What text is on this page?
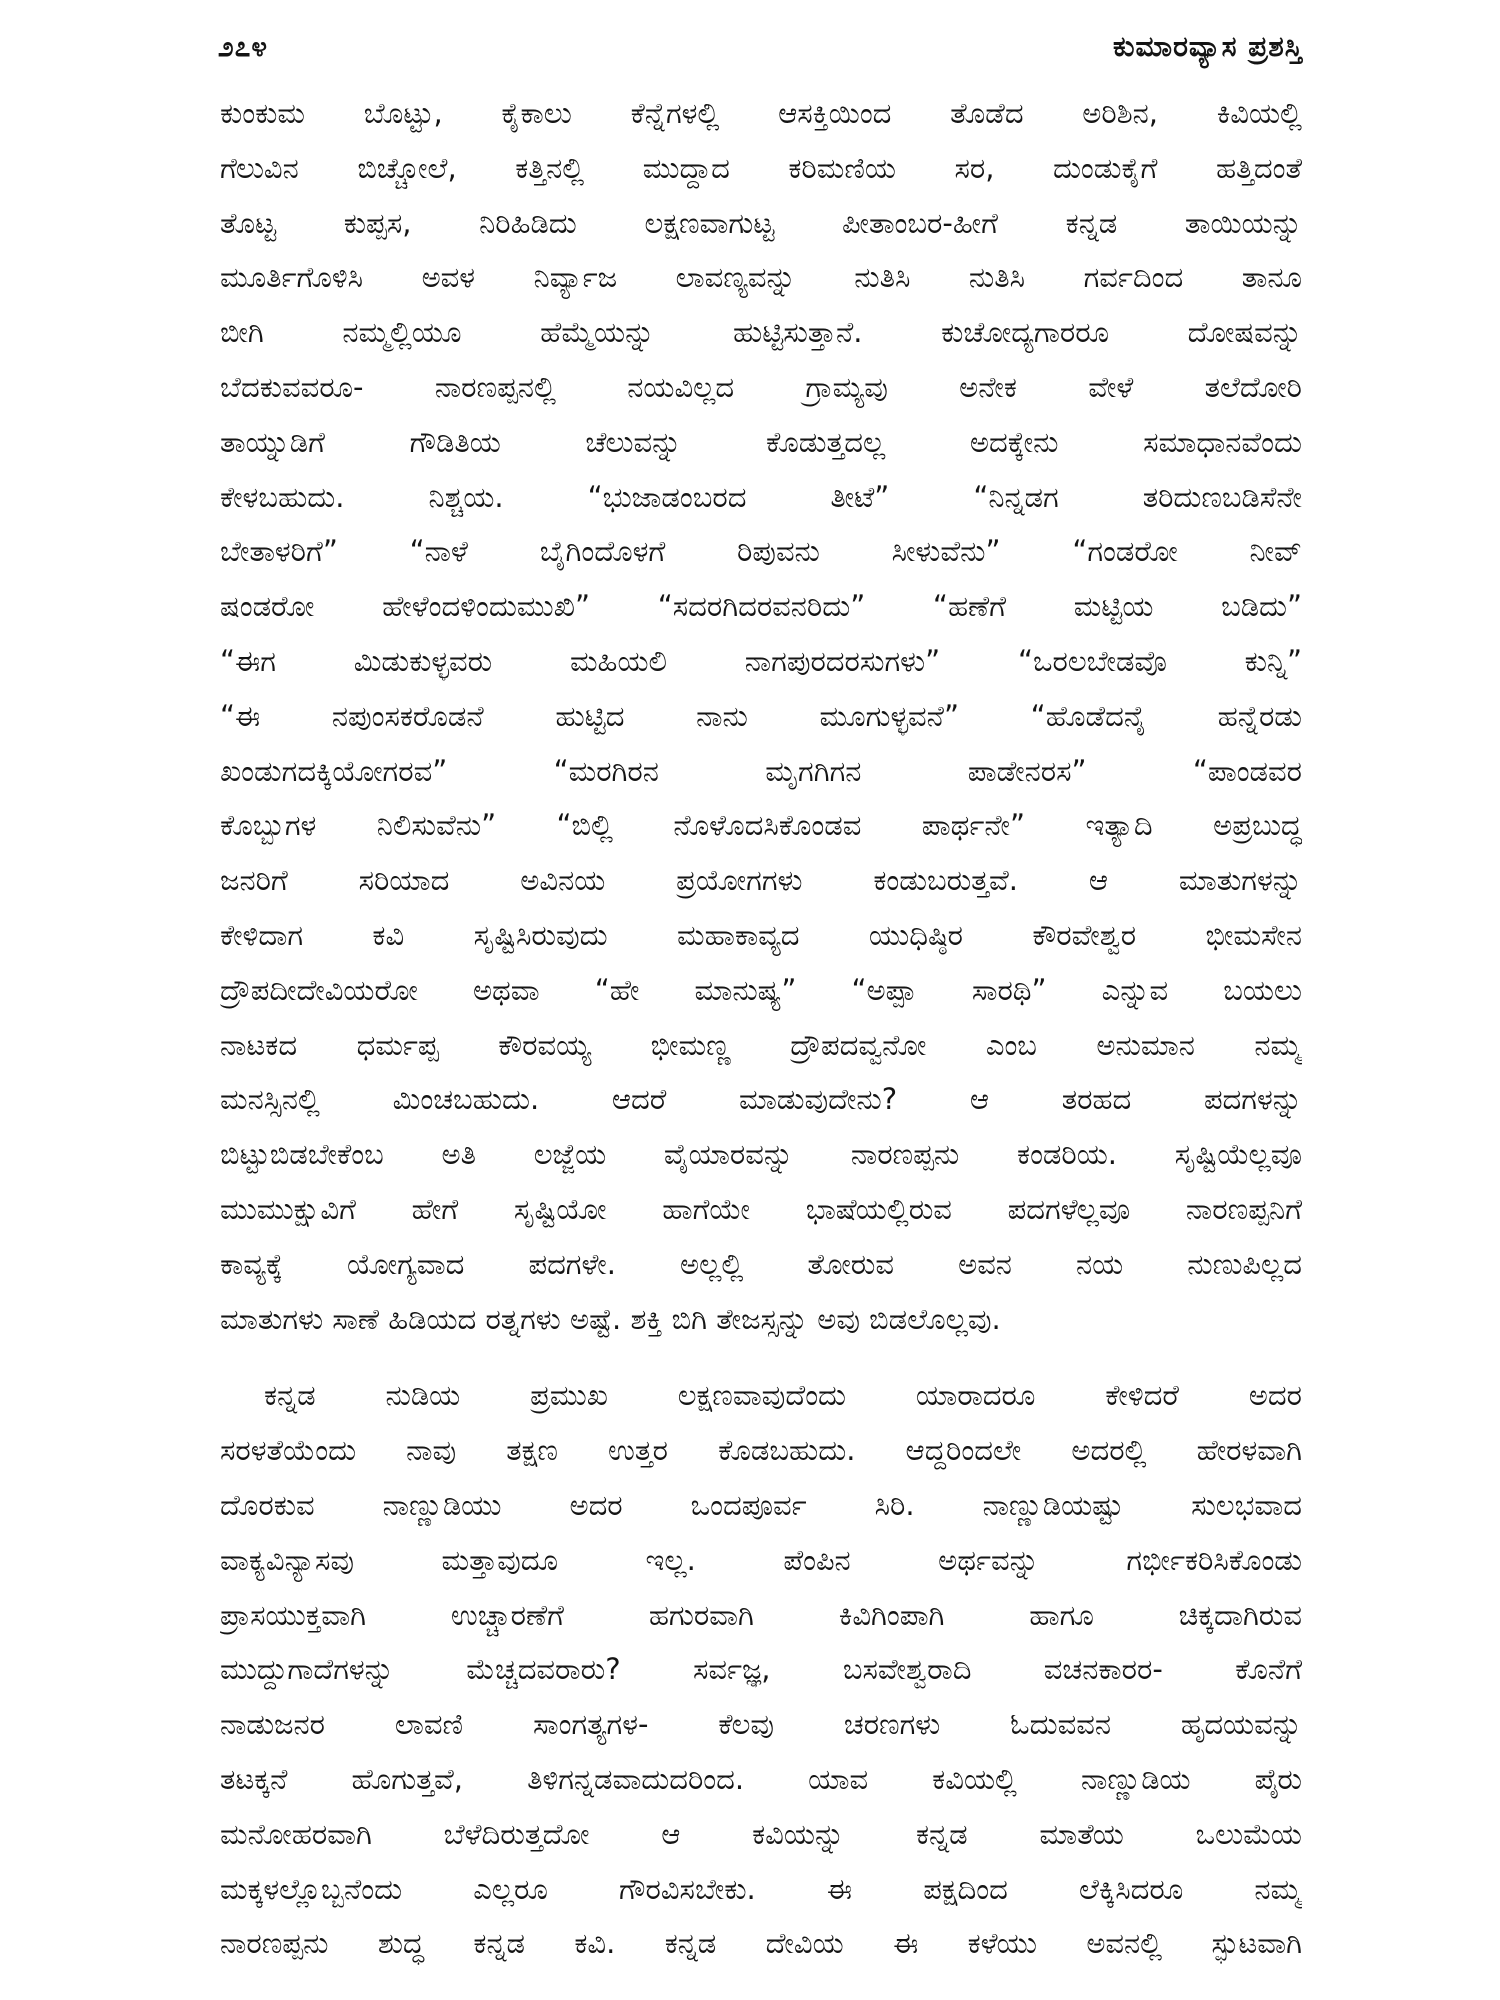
೨೭೪	ಕುಮಾರವ್ಯಾಸ ಪ್ರಶಸ್ತಿ
ಕುಂಕುಮ ಬೊಟ್ಟು, ಕೈಕಾಲು ಕೆನ್ನೆಗಳಲ್ಲಿ ಆಸಕ್ತಿಯಿಂದ ತೊಡೆದ ಅರಿಶಿನ, ಕಿವಿಯಲ್ಲಿ
ಗೆಲುವಿನ ಬಿಚ್ಚೋಲೆ, ಕತ್ತಿನಲ್ಲಿ ಮುದ್ದಾದ ಕರಿಮಣಿಯ ಸರ, ದುಂಡುಕೈಗೆ ಹತ್ತಿದಂತೆ
ತೊಟ್ಟ ಕುಪ್ಪಸ, ನಿರಿಹಿಡಿದು ಲಕ್ಷಣವಾಗುಟ್ಟ ಪೀತಾಂಬರ-ಹೀಗೆ ಕನ್ನಡ ತಾಯಿಯನ್ನು
ಮೂರ್ತಿಗೊಳಿಸಿ ಅವಳ ನಿರ್ವ್ಯಾಜ ಲಾವಣ್ಯವನ್ನು ನುತಿಸಿ ನುತಿಸಿ ಗರ್ವದಿಂದ ತಾನೂ
ಬೀಗಿ ನಮ್ಮಲ್ಲಿಯೂ ಹೆಮ್ಮೆಯನ್ನು ಹುಟ್ಟಿಸುತ್ತಾನೆ. ಕುಚೋದ್ಯಗಾರರೂ ದೋಷವನ್ನು
ಬೆದಕುವವರೂ- ನಾರಣಪ್ಪನಲ್ಲಿ ನಯವಿಲ್ಲದ ಗ್ರಾಮ್ಯವು ಅನೇಕ ವೇಳೆ ತಲೆದೋರಿ
ತಾಯ್ನುಡಿಗೆ ಗೌಡಿತಿಯ ಚೆಲುವನ್ನು ಕೊಡುತ್ತದಲ್ಲ ಅದಕ್ಕೇನು ಸಮಾಧಾನವೆಂದು
ಕೇಳಬಹುದು. ನಿಶ್ಚಯ. “ಭುಜಾಡಂಬರದ ತೀಟೆ” “ನಿನ್ನಡಗ ತರಿದುಣಬಡಿಸೆನೇ
ಬೇತಾಳರಿಗೆ” “ನಾಳೆ ಬೈಗಿಂದೊಳಗೆ ರಿಪುವನು ಸೀಳುವೆನು” “ಗಂಡರೋ ನೀವ್
ಷಂಡರೋ ಹೇಳೆಂದಳಿಂದುಮುಖಿ” “ಸದರಗಿದರವನರಿದು” “ಹಣೆಗೆ ಮಟ್ಟಿಯ ಬಡಿದು”
“ಈಗ ಮಿಡುಕುಳ್ಳವರು ಮಹಿಯಲಿ ನಾಗಪುರದರಸುಗಳು” “ಒರಲಬೇಡವೊ ಕುನ್ನಿ”
“ಈ ನಪುಂಸಕರೊಡನೆ ಹುಟ್ಟಿದ ನಾನು ಮೂಗುಳ್ಳವನೆ” “ಹೊಡೆದನೈ ಹನ್ನೆರಡು
ಖಂಡುಗದಕ್ಕಿಯೋಗರವ” “ಮರಗಿರನ ಮೃಗಗಿಗನ ಪಾಡೇನರಸ” “ಪಾಂಡವರ
ಕೊಬ್ಬುಗಳ ನಿಲಿಸುವೆನು” “ಬಿಲ್ಲಿ ನೊಳೊದಸಿಕೊಂಡವ ಪಾರ್ಥನೇ” ಇತ್ಯಾದಿ ಅಪ್ರಬುದ್ಧ
ಜನರಿಗೆ ಸರಿಯಾದ ಅವಿನಯ ಪ್ರಯೋಗಗಳು ಕಂಡುಬರುತ್ತವೆ. ಆ ಮಾತುಗಳನ್ನು
ಕೇಳಿದಾಗ ಕವಿ ಸೃಷ್ಟಿಸಿರುವುದು ಮಹಾಕಾವ್ಯದ ಯುಧಿಷ್ಠಿರ ಕೌರವೇಶ್ವರ ಭೀಮಸೇನ
ದ್ರೌಪದೀದೇವಿಯರೋ ಅಥವಾ “ಹೇ ಮಾನುಷ್ಯ” “ಅಪ್ಪಾ ಸಾರಥಿ” ಎನ್ನುವ ಬಯಲು
ನಾಟಕದ ಧರ್ಮಪ್ಪ ಕೌರವಯ್ಯ ಭೀಮಣ್ಣ ದ್ರೌಪದವ್ವನೋ ಎಂಬ ಅನುಮಾನ ನಮ್ಮ
ಮನಸ್ಸಿನಲ್ಲಿ ಮಿಂಚಬಹುದು. ಆದರೆ ಮಾಡುವುದೇನು? ಆ ತರಹದ ಪದಗಳನ್ನು
ಬಿಟ್ಟುಬಿಡಬೇಕೆಂಬ ಅತಿ ಲಜ್ಜೆಯ ವೈಯಾರವನ್ನು ನಾರಣಪ್ಪನು ಕಂಡರಿಯ. ಸೃಷ್ಟಿಯೆಲ್ಲವೂ
ಮುಮುಕ್ಷುವಿಗೆ ಹೇಗೆ ಸೃಷ್ಟಿಯೋ ಹಾಗೆಯೇ ಭಾಷೆಯಲ್ಲಿರುವ ಪದಗಳೆಲ್ಲವೂ ನಾರಣಪ್ಪನಿಗೆ
ಕಾವ್ಯಕ್ಕೆ ಯೋಗ್ಯವಾದ ಪದಗಳೇ. ಅಲ್ಲಲ್ಲಿ ತೋರುವ ಅವನ ನಯ ನುಣುಪಿಲ್ಲದ
ಮಾತುಗಳು ಸಾಣೆ ಹಿಡಿಯದ ರತ್ನಗಳು ಅಷ್ಟೆ. ಶಕ್ತಿ ಬಿಗಿ ತೇಜಸ್ಸನ್ನು ಅವು ಬಿಡಲೊಲ್ಲವು.
ಕನ್ನಡ ನುಡಿಯ ಪ್ರಮುಖ ಲಕ್ಷಣವಾವುದೆಂದು ಯಾರಾದರೂ ಕೇಳಿದರೆ ಅದರ
ಸರಳತೆಯೆಂದು ನಾವು ತಕ್ಷಣ ಉತ್ತರ ಕೊಡಬಹುದು. ಆದ್ದರಿಂದಲೇ ಅದರಲ್ಲಿ ಹೇರಳವಾಗಿ
ದೊರಕುವ ನಾಣ್ಣುಡಿಯು ಅದರ ಒಂದಪೂರ್ವ ಸಿರಿ. ನಾಣ್ಣುಡಿಯಷ್ಟು ಸುಲಭವಾದ
ವಾಕ್ಯವಿನ್ಯಾಸವು ಮತ್ತಾವುದೂ ಇಲ್ಲ. ಪೆಂಪಿನ ಅರ್ಥವನ್ನು ಗರ್ಭೀಕರಿಸಿಕೊಂಡು
ಪ್ರಾಸಯುಕ್ತವಾಗಿ ಉಚ್ಚಾರಣೆಗೆ ಹಗುರವಾಗಿ ಕಿವಿಗಿಂಪಾಗಿ ಹಾಗೂ ಚಿಕ್ಕದಾಗಿರುವ
ಮುದ್ದುಗಾದೆಗಳನ್ನು ಮೆಚ್ಚದವರಾರು? ಸರ್ವಜ್ಞ, ಬಸವೇಶ್ವರಾದಿ ವಚನಕಾರರ- ಕೊನೆಗೆ
ನಾಡುಜನರ ಲಾವಣಿ ಸಾಂಗತ್ಯಗಳ- ಕೆಲವು ಚರಣಗಳು ಓದುವವನ ಹೃದಯವನ್ನು
ತಟಕ್ಕನೆ ಹೊಗುತ್ತವೆ, ತಿಳಿಗನ್ನಡವಾದುದರಿಂದ. ಯಾವ ಕವಿಯಲ್ಲಿ ನಾಣ್ಣುಡಿಯ ಪೈರು
ಮನೋಹರವಾಗಿ ಬೆಳೆದಿರುತ್ತದೋ ಆ ಕವಿಯನ್ನು ಕನ್ನಡ ಮಾತೆಯ ಒಲುಮೆಯ
ಮಕ್ಕಳಲ್ಲೊಬ್ಬನೆಂದು ಎಲ್ಲರೂ ಗೌರವಿಸಬೇಕು. ಈ ಪಕ್ಷದಿಂದ ಲೆಕ್ಕಿಸಿದರೂ ನಮ್ಮ
ನಾರಣಪ್ಪನು ಶುದ್ಧ ಕನ್ನಡ ಕವಿ. ಕನ್ನಡ ದೇವಿಯ ಈ ಕಳೆಯು ಅವನಲ್ಲಿ ಸ್ಫುಟವಾಗಿ
